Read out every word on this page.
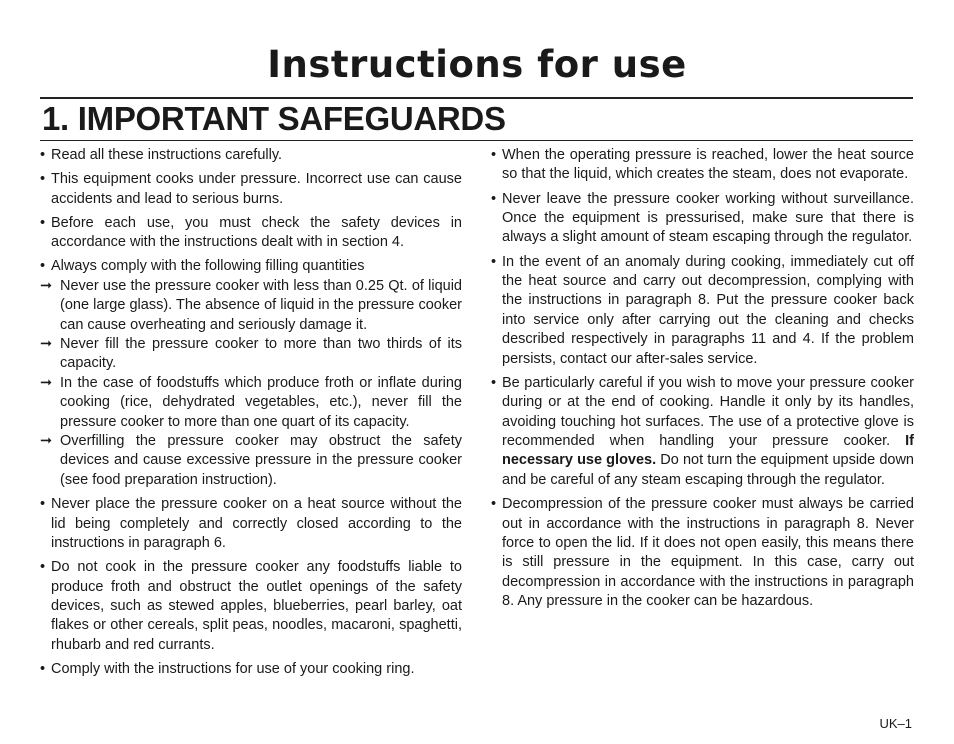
Instructions for use
1. IMPORTANT SAFEGUARDS
• Read all these instructions carefully.
• This equipment cooks under pressure. Incorrect use can cause accidents and lead to serious burns.
• Before each use, you must check the safety devices in accordance with the instructions dealt with in section 4.
• Always comply with the following filling quantities
➞ Never use the pressure cooker with less than 0.25 Qt. of liquid (one large glass). The absence of liquid in the pressure cooker can cause overheating and seriously damage it.
➞ Never fill the pressure cooker to more than two thirds of its capacity.
➞ In the case of foodstuffs which produce froth or inflate during cooking (rice, dehydrated vegetables, etc.), never fill the pressure cooker to more than one quart of its capacity.
➞ Overfilling the pressure cooker may obstruct the safety devices and cause excessive pressure in the pressure cooker (see food preparation instruction).
• Never place the pressure cooker on a heat source without the lid being completely and correctly closed according to the instructions in paragraph 6.
• Do not cook in the pressure cooker any foodstuffs liable to produce froth and obstruct the outlet openings of the safety devices, such as stewed apples, blueberries, pearl barley, oat flakes or other cereals, split peas, noodles, macaroni, spaghetti, rhubarb and red currants.
• Comply with the instructions for use of your cooking ring.
• When the operating pressure is reached, lower the heat source so that the liquid, which creates the steam, does not evaporate.
• Never leave the pressure cooker working without surveillance. Once the equipment is pressurised, make sure that there is always a slight amount of steam escaping through the regulator.
• In the event of an anomaly during cooking, immediately cut off the heat source and carry out decompression, complying with the instructions in paragraph 8. Put the pressure cooker back into service only after carrying out the cleaning and checks described respectively in paragraphs 11 and 4. If the problem persists, contact our after-sales service.
• Be particularly careful if you wish to move your pressure cooker during or at the end of cooking. Handle it only by its handles, avoiding touching hot surfaces. The use of a protective glove is recommended when handling your pressure cooker. If necessary use gloves. Do not turn the equipment upside down and be careful of any steam escaping through the regulator.
• Decompression of the pressure cooker must always be carried out in accordance with the instructions in paragraph 8. Never force to open the lid. If it does not open easily, this means there is still pressure in the equipment. In this case, carry out decompression in accordance with the instructions in paragraph 8. Any pressure in the cooker can be hazardous.
UK–1
